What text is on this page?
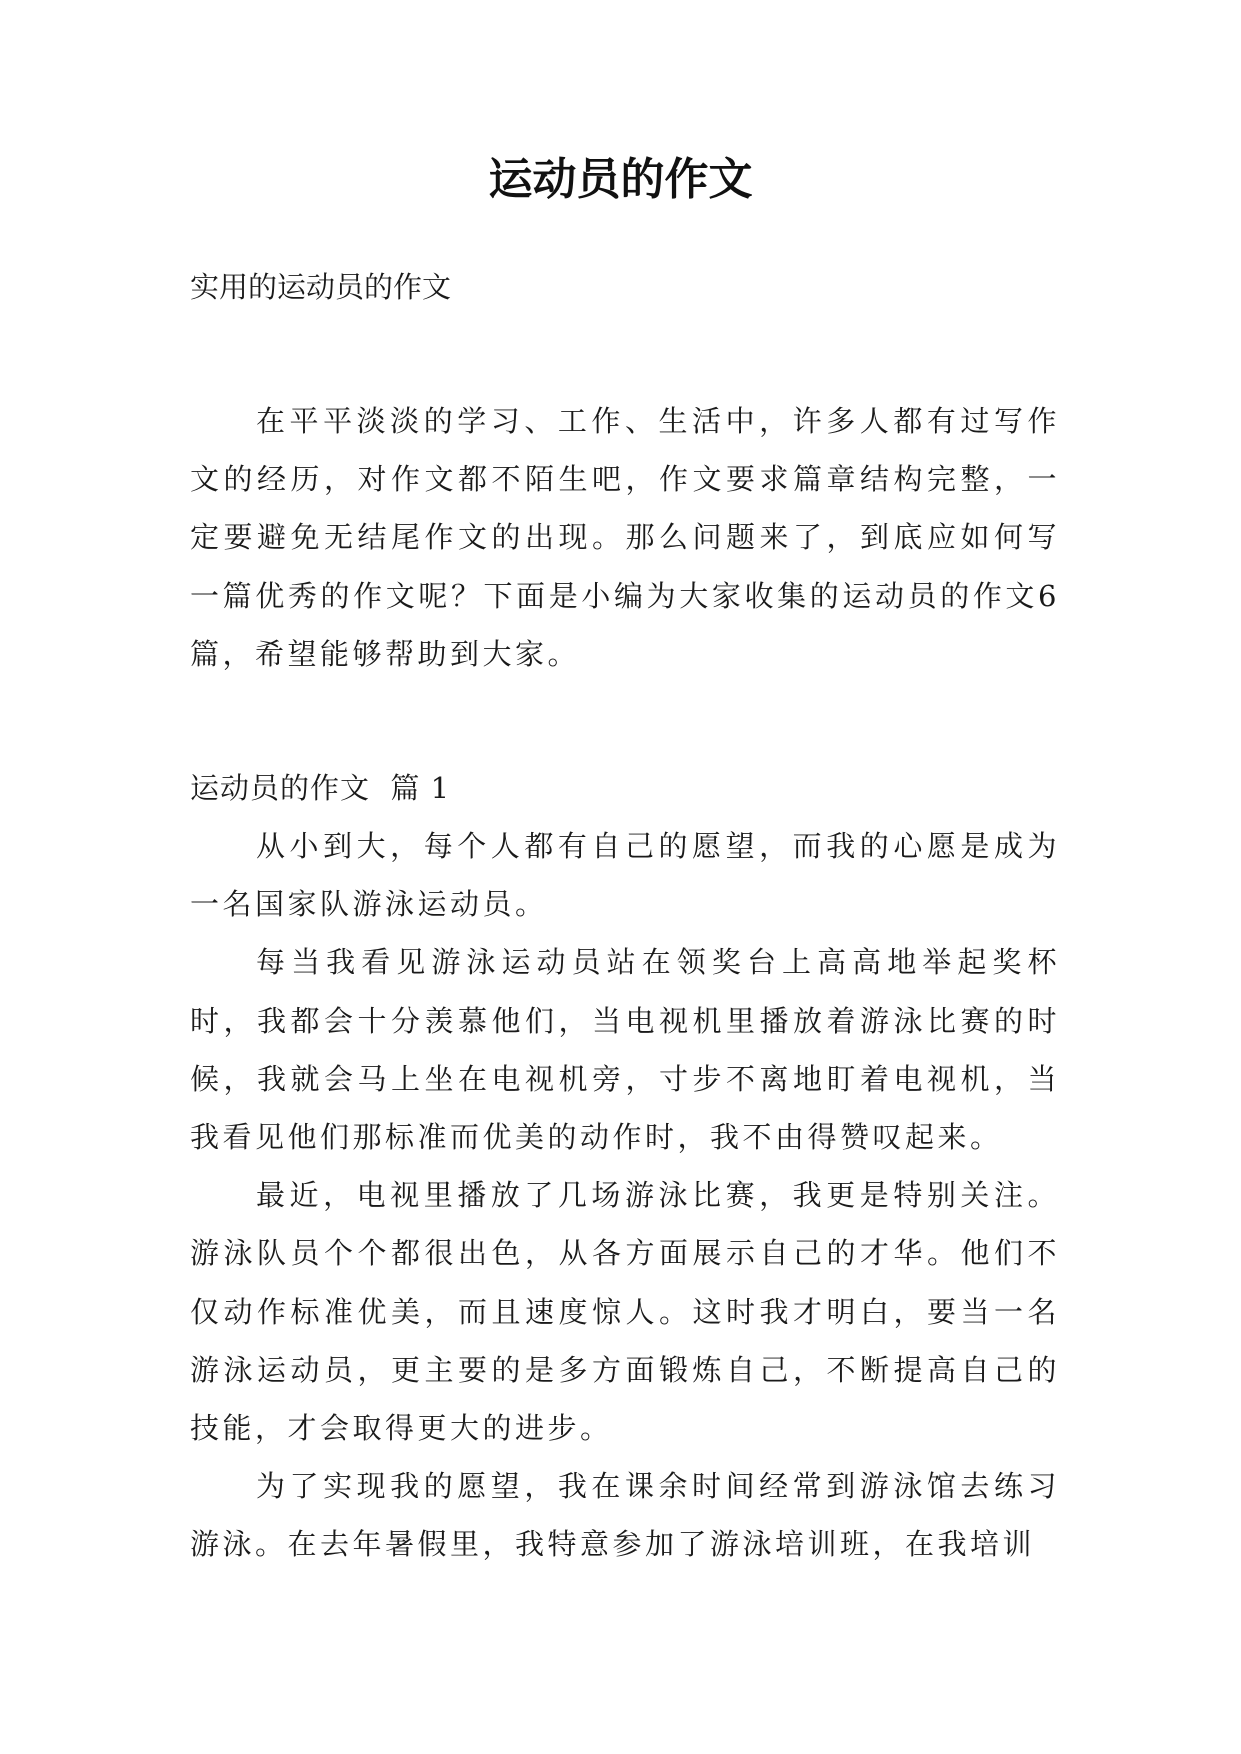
运动员的作文

实用的运动员的作文

在平平淡淡的学习、工作、生活中，许多人都有过写作文的经历，对作文都不陌生吧，作文要求篇章结构完整，一定要避免无结尾作文的出现。那么问题来了，到底应如何写一篇优秀的作文呢？下面是小编为大家收集的运动员的作文6篇，希望能够帮助到大家。

运动员的作文  篇 1

从小到大，每个人都有自己的愿望，而我的心愿是成为一名国家队游泳运动员。

每当我看见游泳运动员站在领奖台上高高地举起奖杯时，我都会十分羡慕他们，当电视机里播放着游泳比赛的时候，我就会马上坐在电视机旁，寸步不离地盯着电视机，当我看见他们那标准而优美的动作时，我不由得赞叹起来。

最近，电视里播放了几场游泳比赛，我更是特别关注。游泳队员个个都很出色，从各方面展示自己的才华。他们不仅动作标准优美，而且速度惊人。这时我才明白，要当一名游泳运动员，更主要的是多方面锻炼自己，不断提高自己的技能，才会取得更大的进步。

为了实现我的愿望，我在课余时间经常到游泳馆去练习游泳。在去年暑假里，我特意参加了游泳培训班，在我培训
